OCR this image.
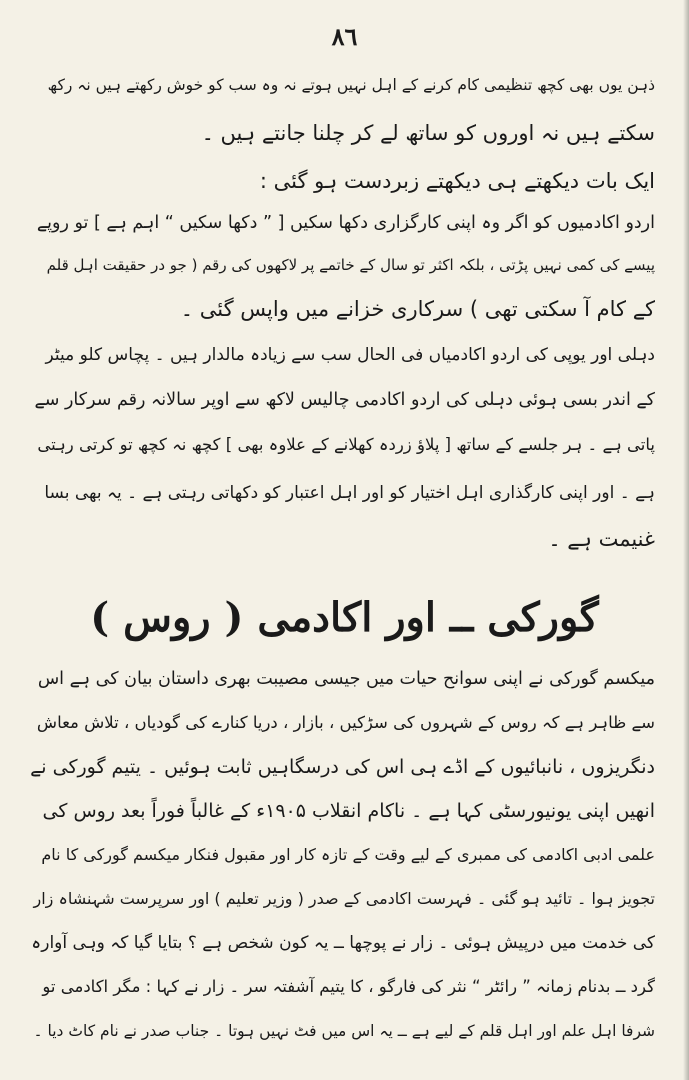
٨٦
ذہن یوں بھی کچھ تنظیمی کام کرنے کے اہل نہیں ہوتے نہ وہ سب کو خوش رکھتے ہیں نہ رکھ
سکتے ہیں نہ اوروں کو ساتھ لے کر چلنا جانتے ہیں ۔
ایک بات دیکھتے ہی دیکھتے زبردست ہو گئی :
اردو اکادمیوں کو اگر وہ اپنی کارگزاری دکھا سکیں [ ” دکھا سکیں “ اہم ہے ] تو روپے
پیسے کی کمی نہیں پڑتی ، بلکہ اکثر تو سال کے خاتمے پر لاکھوں کی رقم ( جو در حقیقت اہل قلم
کے کام آ سکتی تھی ) سرکاری خزانے میں واپس گئی ۔
دہلی اور یوپی کی اردو اکادمیاں فی الحال سب سے زیادہ مالدار ہیں ۔ پچاس کلو میٹر
کے اندر بسی ہوئی دہلی کی اردو اکادمی چالیس لاکھ سے اوپر سالانہ رقم سرکار سے
پاتی ہے ۔ ہر جلسے کے ساتھ [ پلاؤ زردہ کھلانے کے علاوہ بھی ] کچھ نہ کچھ تو کرتی رہتی
ہے ۔ اور اپنی کارگذاری اہل اختیار کو اور اہل اعتبار کو دکھاتی رہتی ہے ۔ یہ بھی بسا
غنیمت ہے ۔
گورکی ــ اور اکادمی ( روس )
میکسم گورکی نے اپنی سوانح حیات میں جیسی مصیبت بھری داستان بیان کی ہے اس
سے ظاہر ہے کہ روس کے شہروں کی سڑکیں ، بازار ، دریا کنارے کی گودیاں ، تلاش معاش
دنگریزوں ، نانبائیوں کے اڈے ہی اس کی درسگاہیں ثابت ہوئیں ۔ یتیم گورکی نے
انھیں اپنی یونیورسٹی کہا ہے ۔ ناکام انقلاب ۱۹۰۵ء کے غالباً فوراً بعد روس کی
علمی ادبی اکادمی کی ممبری کے لیے وقت کے تازہ کار اور مقبول فنکار میکسم گورکی کا نام
تجویز ہوا ۔ تائید ہو گئی ۔ فہرست اکادمی کے صدر ( وزیر تعلیم ) اور سرپرست شہنشاہ زار
کی خدمت میں درپیش ہوئی ۔ زار نے پوچھا ــ یہ کون شخص ہے ؟ بتایا گیا کہ وہی آوارہ
گرد ــ بدنام زمانہ ” رائٹر “ نثر کی فارگو ، کا یتیم آشفتہ سر ۔ زار نے کہا : مگر اکادمی تو
شرفا اہل علم اور اہل قلم کے لیے ہے ــ یہ اس میں فٹ نہیں ہوتا ۔ جناب صدر نے نام کاٹ دیا ۔
